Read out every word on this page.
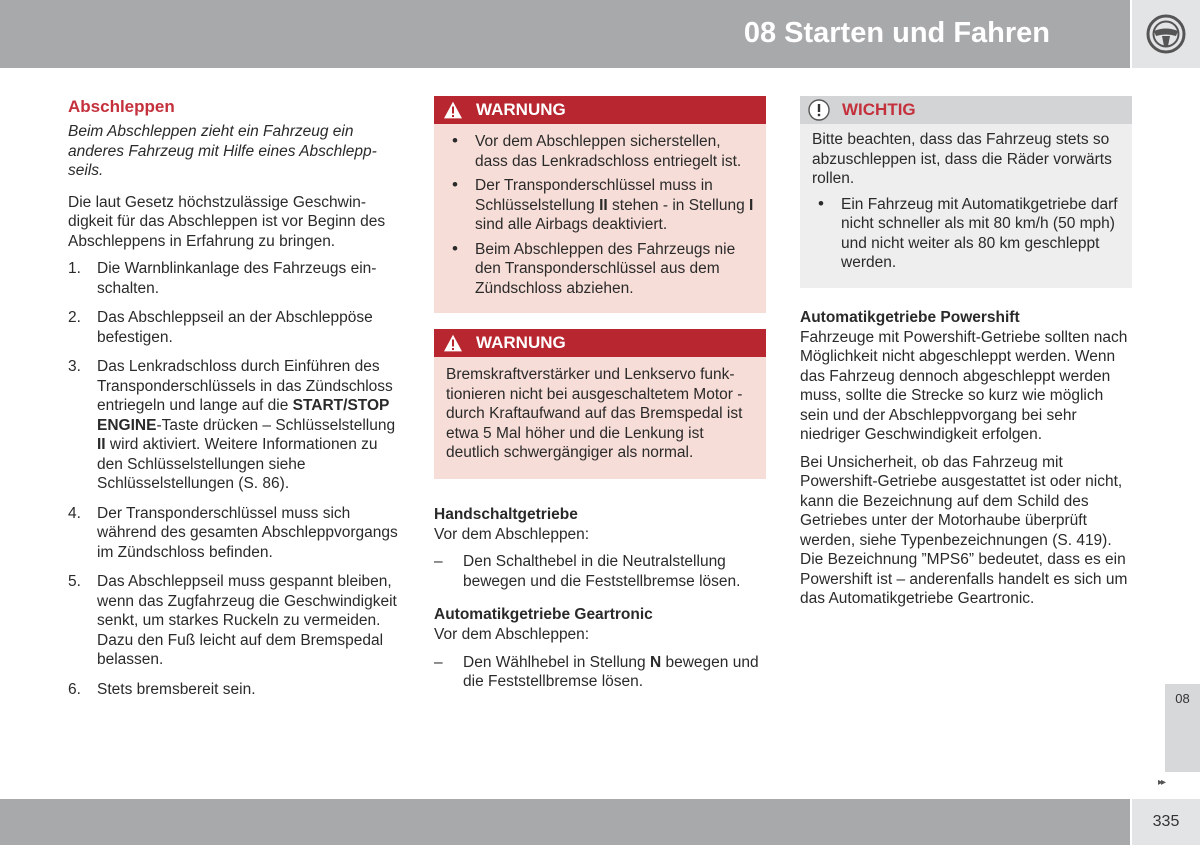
08 Starten und Fahren
Abschleppen

Beim Abschleppen zieht ein Fahrzeug ein anderes Fahrzeug mit Hilfe eines Abschleppseils.

Die laut Gesetz höchstzulässige Geschwindigkeit für das Abschleppen ist vor Beginn des Abschleppens in Erfahrung zu bringen.

1. Die Warnblinkanlage des Fahrzeugs einschalten.
2. Das Abschleppseil an der Abschleppöse befestigen.
3. Das Lenkradschloss durch Einführen des Transponderschlüssels in das Zündschloss entriegeln und lange auf die START/STOP ENGINE-Taste drücken – Schlüsselstellung II wird aktiviert. Weitere Informationen zu den Schlüsselstellungen siehe Schlüsselstellungen (S. 86).
4. Der Transponderschlüssel muss sich während des gesamten Abschleppvorgangs im Zündschloss befinden.
5. Das Abschleppseil muss gespannt bleiben, wenn das Zugfahrzeug die Geschwindigkeit senkt, um starkes Ruckeln zu vermeiden. Dazu den Fuß leicht auf dem Bremspedal belassen.
6. Stets bremsbereit sein.
WARNUNG
• Vor dem Abschleppen sicherstellen, dass das Lenkradschloss entriegelt ist.
• Der Transponderschlüssel muss in Schlüsselstellung II stehen - in Stellung I sind alle Airbags deaktiviert.
• Beim Abschleppen des Fahrzeugs nie den Transponderschlüssel aus dem Zündschloss abziehen.
WARNUNG

Bremskraftverstärker und Lenkservo funktionieren nicht bei ausgeschaltetem Motor - durch Kraftaufwand auf das Bremspedal ist etwa 5 Mal höher und die Lenkung ist deutlich schwergängiger als normal.

Handschaltgetriebe

Vor dem Abschleppen:

– Den Schalthebel in die Neutralstellung bewegen und die Feststellbremse lösen.
Automatikgetriebe Geartronic

Vor dem Abschleppen:

– Den Wählhebel in Stellung N bewegen und die Feststellbremse lösen.
WICHTIG

Bitte beachten, dass das Fahrzeug stets so abzuschleppen ist, dass die Räder vorwärts rollen.

• Ein Fahrzeug mit Automatikgetriebe darf nicht schneller als mit 80 km/h (50 mph) und nicht weiter als 80 km geschleppt werden.
Automatikgetriebe Powershift

Fahrzeuge mit Powershift-Getriebe sollten nach Möglichkeit nicht abgeschleppt werden. Wenn das Fahrzeug dennoch abgeschleppt werden muss, sollte die Strecke so kurz wie möglich sein und der Abschleppvorgang bei sehr niedriger Geschwindigkeit erfolgen.

Bei Unsicherheit, ob das Fahrzeug mit Powershift-Getriebe ausgestattet ist oder nicht, kann die Bezeichnung auf dem Schild des Getriebes unter der Motorhaube überprüft werden, siehe Typenbezeichnungen (S. 419). Die Bezeichnung ”MPS6” bedeutet, dass es ein Powershift ist – anderenfalls handelt es sich um das Automatikgetriebe Geartronic.

08
▸▸
335
